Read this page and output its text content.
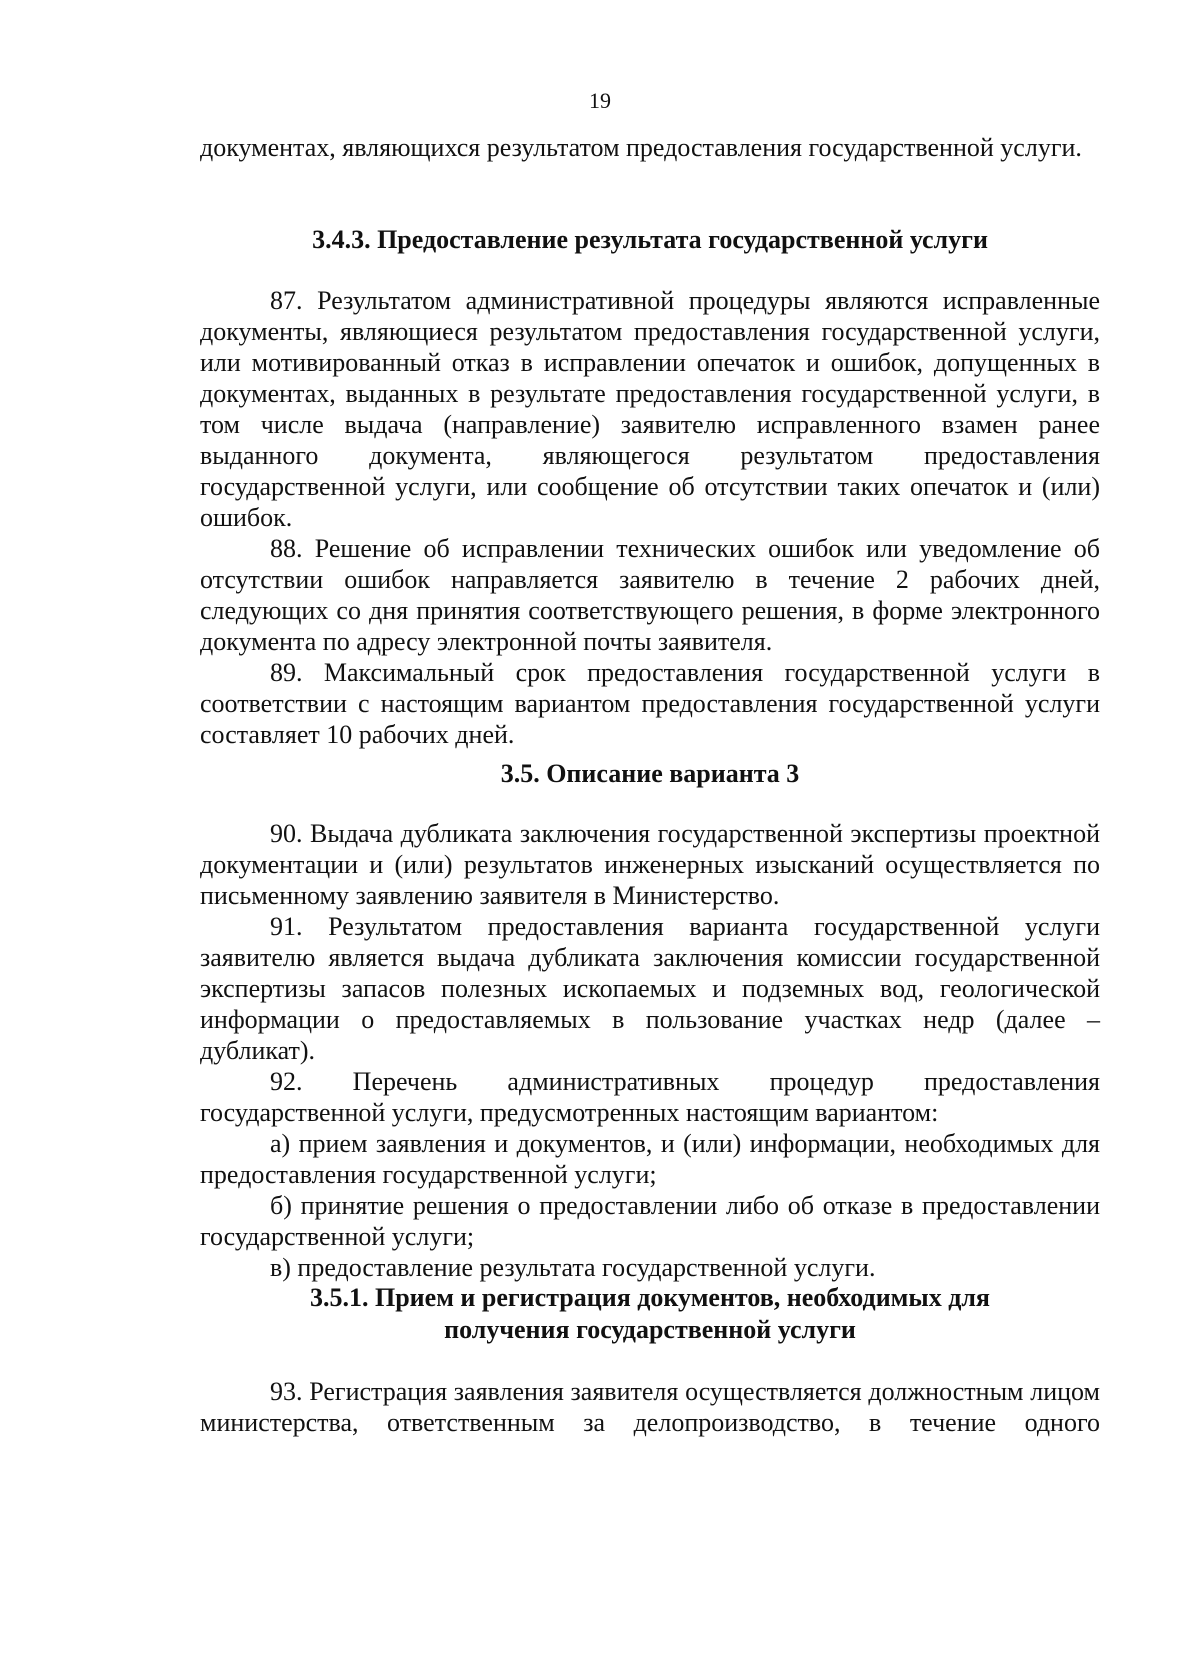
19

документах, являющихся результатом предоставления государственной услуги.

3.4.3. Предоставление результата государственной услуги

87. Результатом административной процедуры являются исправленные документы, являющиеся результатом предоставления государственной услуги, или мотивированный отказ в исправлении опечаток и ошибок, допущенных в документах, выданных в результате предоставления государственной услуги, в том числе выдача (направление) заявителю исправленного взамен ранее выданного документа, являющегося результатом предоставления государственной услуги, или сообщение об отсутствии таких опечаток и (или) ошибок.

88. Решение об исправлении технических ошибок или уведомление об отсутствии ошибок направляется заявителю в течение 2 рабочих дней, следующих со дня принятия соответствующего решения, в форме электронного документа по адресу электронной почты заявителя.

89. Максимальный срок предоставления государственной услуги в соответствии с настоящим вариантом предоставления государственной услуги составляет 10 рабочих дней.

3.5. Описание варианта 3

90. Выдача дубликата заключения государственной экспертизы проектной документации и (или) результатов инженерных изысканий осуществляется по письменному заявлению заявителя в Министерство.

91. Результатом предоставления варианта государственной услуги заявителю является выдача дубликата заключения комиссии государственной экспертизы запасов полезных ископаемых и подземных вод, геологической информации о предоставляемых в пользование участках недр (далее – дубликат).

92. Перечень административных процедур предоставления государственной услуги, предусмотренных настоящим вариантом:

а) прием заявления и документов, и (или) информации, необходимых для предоставления государственной услуги;

б) принятие решения о предоставлении либо об отказе в предоставлении государственной услуги;

в) предоставление результата государственной услуги.

3.5.1. Прием и регистрация документов, необходимых для
получения государственной услуги

93. Регистрация заявления заявителя осуществляется должностным лицом министерства, ответственным за делопроизводство, в течение одного
